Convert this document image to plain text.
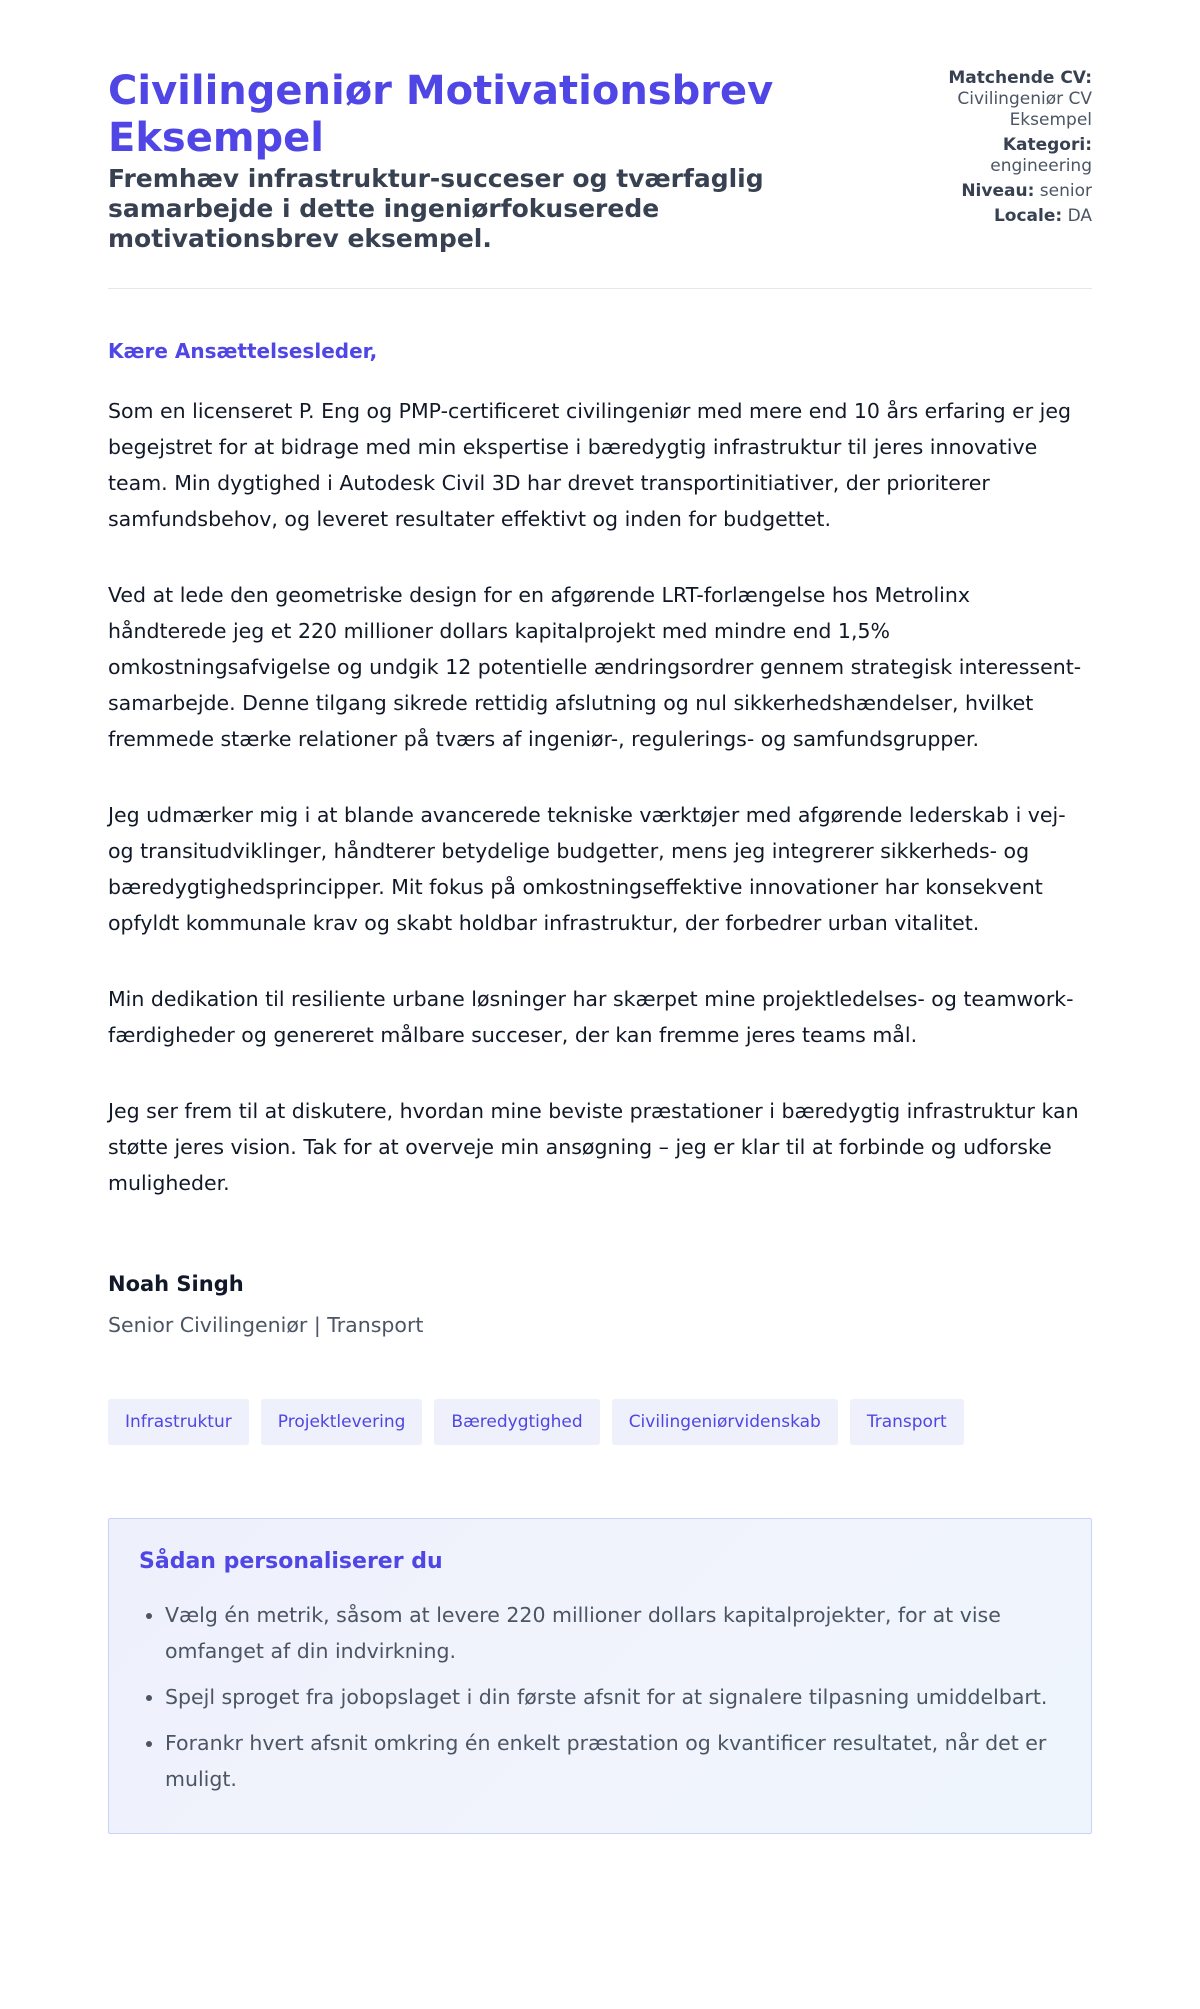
Civilingeniør Motivationsbrev Eksempel
Fremhæv infrastruktur-succeser og tværfaglig samarbejde i dette ingeniørfokuserede motivationsbrev eksempel.
Matchende CV:
Civilingeniør CV Eksempel
Kategori:
engineering
Niveau: senior
Locale: DA

Kære Ansættelsesleder,

Som en licenseret P. Eng og PMP-certificeret civilingeniør med mere end 10 års erfaring er jeg begejstret for at bidrage med min ekspertise i bæredygtig infrastruktur til jeres innovative team. Min dygtighed i Autodesk Civil 3D har drevet transportinitiativer, der prioriterer samfundsbehov, og leveret resultater effektivt og inden for budgettet.

Ved at lede den geometriske design for en afgørende LRT-forlængelse hos Metrolinx håndterede jeg et 220 millioner dollars kapitalprojekt med mindre end 1,5% omkostningsafvigelse og undgik 12 potentielle ændringsordrer gennem strategisk interessent-samarbejde. Denne tilgang sikrede rettidig afslutning og nul sikkerhedshændelser, hvilket fremmede stærke relationer på tværs af ingeniør-, regulerings- og samfundsgrupper.

Jeg udmærker mig i at blande avancerede tekniske værktøjer med afgørende lederskab i vej- og transitudviklinger, håndterer betydelige budgetter, mens jeg integrerer sikkerheds- og bæredygtighedsprincipper. Mit fokus på omkostningseffektive innovationer har konsekvent opfyldt kommunale krav og skabt holdbar infrastruktur, der forbedrer urban vitalitet.

Min dedikation til resiliente urbane løsninger har skærpet mine projektledelses- og teamwork-færdigheder og genereret målbare succeser, der kan fremme jeres teams mål.

Jeg ser frem til at diskutere, hvordan mine beviste præstationer i bæredygtig infrastruktur kan støtte jeres vision. Tak for at overveje min ansøgning – jeg er klar til at forbinde og udforske muligheder.

Noah Singh
Senior Civilingeniør | Transport
Infrastruktur	Projektlevering	Bæredygtighed	Civilingeniørvidenskab	Transport
Sådan personaliserer du
• Vælg én metrik, såsom at levere 220 millioner dollars kapitalprojekter, for at vise omfanget af din indvirkning.
• Spejl sproget fra jobopslaget i din første afsnit for at signalere tilpasning umiddelbart.
• Forankr hvert afsnit omkring én enkelt præstation og kvantificer resultatet, når det er muligt.
